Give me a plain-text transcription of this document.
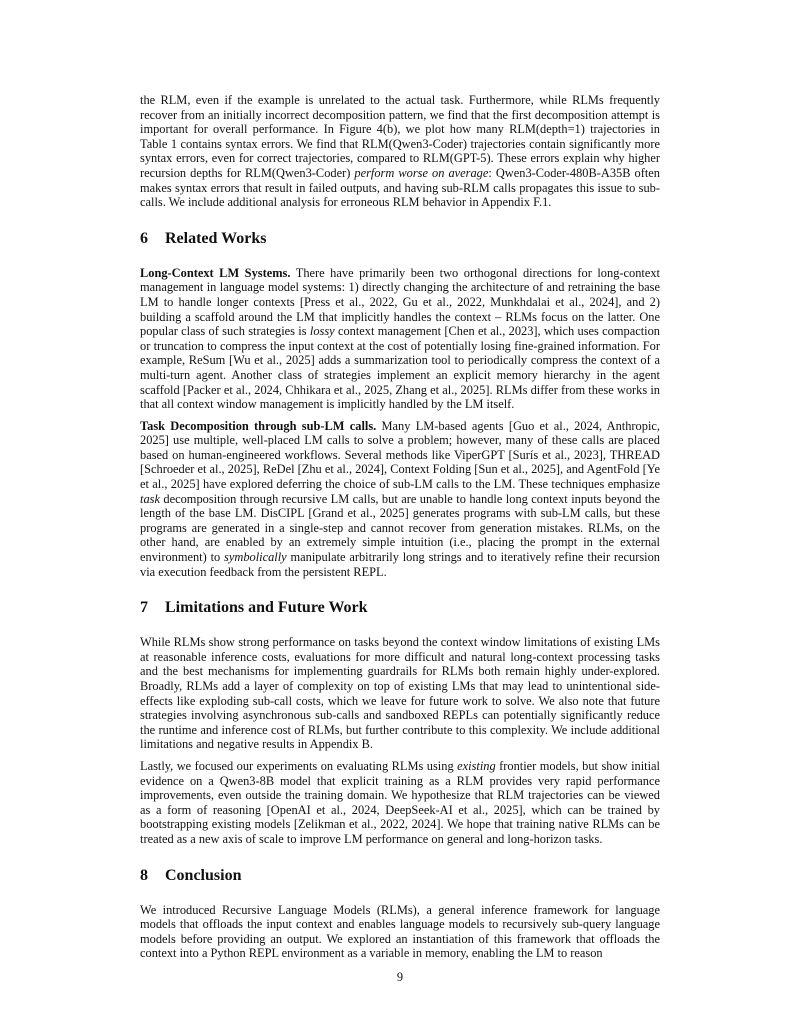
the RLM, even if the example is unrelated to the actual task. Furthermore, while RLMs frequently recover from an initially incorrect decomposition pattern, we find that the first decomposition attempt is important for overall performance. In Figure 4(b), we plot how many RLM(depth=1) trajectories in Table 1 contains syntax errors. We find that RLM(Qwen3-Coder) trajectories contain significantly more syntax errors, even for correct trajectories, compared to RLM(GPT-5). These errors explain why higher recursion depths for RLM(Qwen3-Coder) perform worse on average: Qwen3-Coder-480B-A35B often makes syntax errors that result in failed outputs, and having sub-RLM calls propagates this issue to sub-calls. We include additional analysis for erroneous RLM behavior in Appendix F.1.

6 Related Works

Long-Context LM Systems. There have primarily been two orthogonal directions for long-context management in language model systems: 1) directly changing the architecture of and retraining the base LM to handle longer contexts [Press et al., 2022, Gu et al., 2022, Munkhdalai et al., 2024], and 2) building a scaffold around the LM that implicitly handles the context – RLMs focus on the latter. One popular class of such strategies is lossy context management [Chen et al., 2023], which uses compaction or truncation to compress the input context at the cost of potentially losing fine-grained information. For example, ReSum [Wu et al., 2025] adds a summarization tool to periodically compress the context of a multi-turn agent. Another class of strategies implement an explicit memory hierarchy in the agent scaffold [Packer et al., 2024, Chhikara et al., 2025, Zhang et al., 2025]. RLMs differ from these works in that all context window management is implicitly handled by the LM itself.

Task Decomposition through sub-LM calls. Many LM-based agents [Guo et al., 2024, Anthropic, 2025] use multiple, well-placed LM calls to solve a problem; however, many of these calls are placed based on human-engineered workflows. Several methods like ViperGPT [Surís et al., 2023], THREAD [Schroeder et al., 2025], ReDel [Zhu et al., 2024], Context Folding [Sun et al., 2025], and AgentFold [Ye et al., 2025] have explored deferring the choice of sub-LM calls to the LM. These techniques emphasize task decomposition through recursive LM calls, but are unable to handle long context inputs beyond the length of the base LM. DisCIPL [Grand et al., 2025] generates programs with sub-LM calls, but these programs are generated in a single-step and cannot recover from generation mistakes. RLMs, on the other hand, are enabled by an extremely simple intuition (i.e., placing the prompt in the external environment) to symbolically manipulate arbitrarily long strings and to iteratively refine their recursion via execution feedback from the persistent REPL.

7 Limitations and Future Work

While RLMs show strong performance on tasks beyond the context window limitations of existing LMs at reasonable inference costs, evaluations for more difficult and natural long-context processing tasks and the best mechanisms for implementing guardrails for RLMs both remain highly under-explored. Broadly, RLMs add a layer of complexity on top of existing LMs that may lead to unintentional side-effects like exploding sub-call costs, which we leave for future work to solve. We also note that future strategies involving asynchronous sub-calls and sandboxed REPLs can potentially significantly reduce the runtime and inference cost of RLMs, but further contribute to this complexity. We include additional limitations and negative results in Appendix B.

Lastly, we focused our experiments on evaluating RLMs using existing frontier models, but show initial evidence on a Qwen3-8B model that explicit training as a RLM provides very rapid performance improvements, even outside the training domain. We hypothesize that RLM trajectories can be viewed as a form of reasoning [OpenAI et al., 2024, DeepSeek-AI et al., 2025], which can be trained by bootstrapping existing models [Zelikman et al., 2022, 2024]. We hope that training native RLMs can be treated as a new axis of scale to improve LM performance on general and long-horizon tasks.

8 Conclusion

We introduced Recursive Language Models (RLMs), a general inference framework for language models that offloads the input context and enables language models to recursively sub-query language models before providing an output. We explored an instantiation of this framework that offloads the context into a Python REPL environment as a variable in memory, enabling the LM to reason

9
